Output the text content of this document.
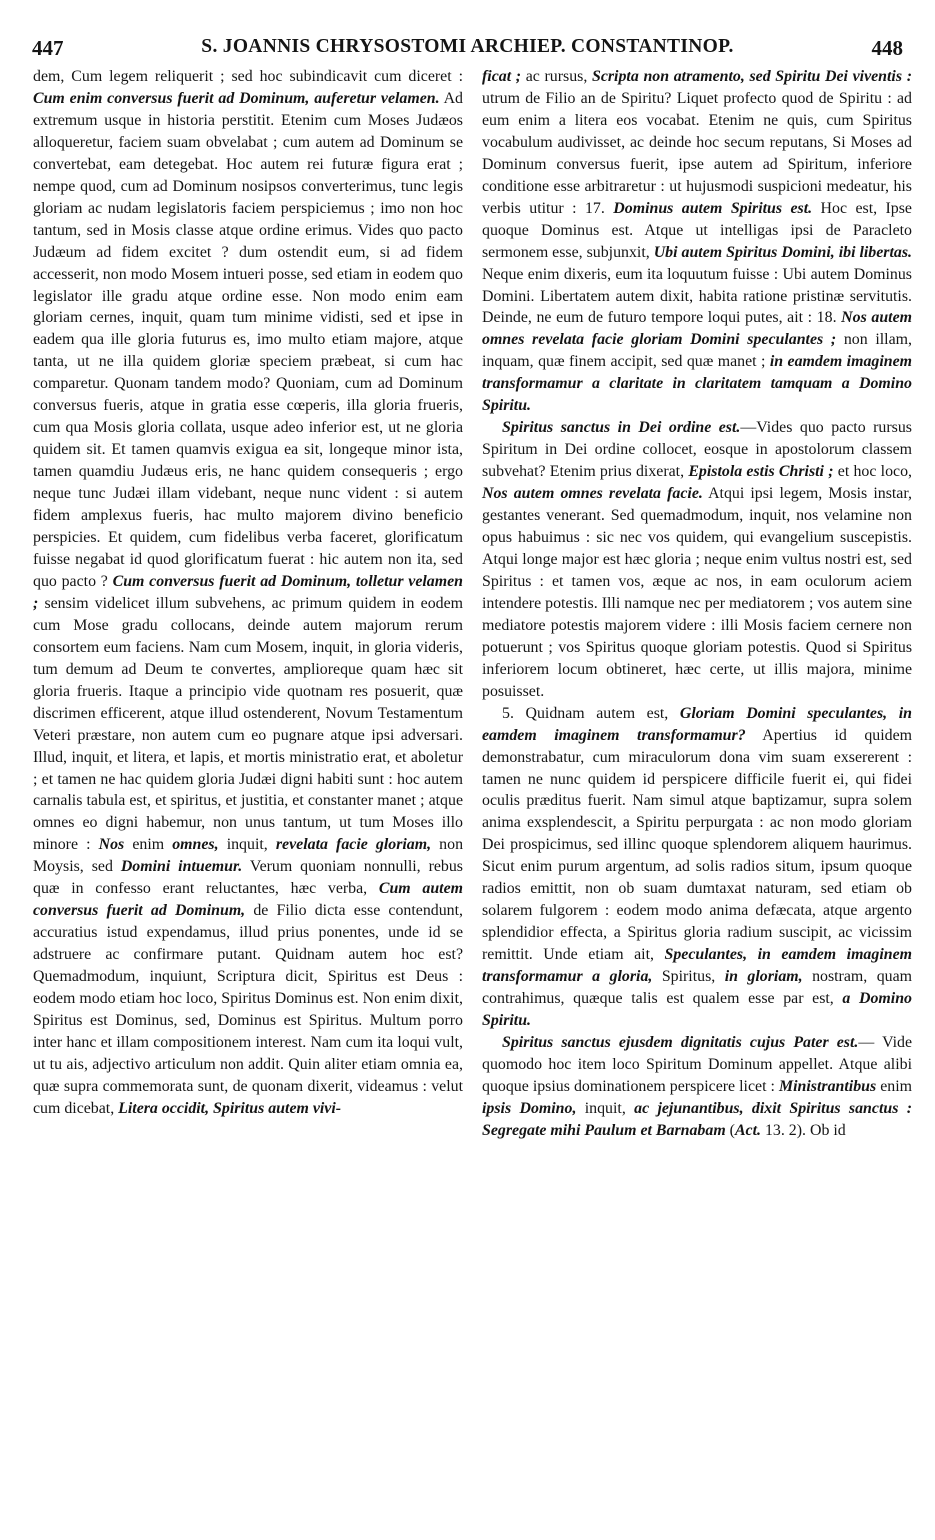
447	S. JOANNIS CHRYSOSTOMI ARCHIEP. CONSTANTINOP.	448

dem, Cum legem reliquerit ; sed hoc subindicavit cum diceret : Cum enim conversus fuerit ad Dominum, auferetur velamen. Ad extremum usque in historia perstitit. Etenim cum Moses Judæos alloqueretur, faciem suam obvelabat ; cum autem ad Dominum se convertebat, eam detegebat. Hoc autem rei futuræ figura erat ; nempe quod, cum ad Dominum nosipsos converterimus, tunc legis gloriam ac nudam legislatoris faciem perspiciemus ; imo non hoc tantum, sed in Mosis classe atque ordine erimus. Vides quo pacto Judæum ad fidem excitet ? dum ostendit eum, si ad fidem accesserit, non modo Mosem intueri posse, sed etiam in eodem quo legislator ille gradu atque ordine esse. Non modo enim eam gloriam cernes, inquit, quam tum minime vidisti, sed et ipse in eadem qua ille gloria futurus es, imo multo etiam majore, atque tanta, ut ne illa quidem gloriæ speciem præbeat, si cum hac comparetur. Quonam tandem modo? Quoniam, cum ad Dominum conversus fueris, atque in gratia esse cœperis, illa gloria frueris, cum qua Mosis gloria collata, usque adeo inferior est, ut ne gloria quidem sit. Et tamen quamvis exigua ea sit, longeque minor ista, tamen quamdiu Judæus eris, ne hanc quidem consequeris ; ergo neque tunc Judæi illam videbant, neque nunc vident : si autem fidem amplexus fueris, hac multo majorem divino beneficio perspicies. Et quidem, cum fidelibus verba faceret, glorificatum fuisse negabat id quod glorificatum fuerat : hic autem non ita, sed quo pacto ? Cum conversus fuerit ad Dominum, tolletur velamen ; sensim videlicet illum subvehens, ac primum quidem in eodem cum Mose gradu collocans, deinde autem majorum rerum consortem eum faciens. Nam cum Mosem, inquit, in gloria videris, tum demum ad Deum te convertes, amplioreque quam hæc sit gloria frueris. Itaque a principio vide quotnam res posuerit, quæ discrimen efficerent, atque illud ostenderent, Novum Testamentum Veteri præstare, non autem cum eo pugnare atque ipsi adversari. Illud, inquit, et litera, et lapis, et mortis ministratio erat, et aboletur ; et tamen ne hac quidem gloria Judæi digni habiti sunt : hoc autem carnalis tabula est, et spiritus, et justitia, et constanter manet ; atque omnes eo digni habemur, non unus tantum, ut tum Moses illo minore : Nos enim omnes, inquit, revelata facie gloriam, non Moysis, sed Domini intuemur. Verum quoniam nonnulli, rebus quæ in confesso erant reluctantes, hæc verba, Cum autem conversus fuerit ad Dominum, de Filio dicta esse contendunt, accuratius istud expendamus, illud prius ponentes, unde id se adstruere ac confirmare putant. Quidnam autem hoc est? Quemadmodum, inquiunt, Scriptura dicit, Spiritus est Deus : eodem modo etiam hoc loco, Spiritus Dominus est. Non enim dixit, Spiritus est Dominus, sed, Dominus est Spiritus. Multum porro inter hanc et illam compositionem interest. Nam cum ita loqui vult, ut tu ais, adjectivo articulum non addit. Quin aliter etiam omnia ea, quæ supra commemorata sunt, de quonam dixerit, videamus : velut cum dicebat, Litera occidit, Spiritus autem vivi-

ficat ; ac rursus, Scripta non atramento, sed Spiritu Dei viventis : utrum de Filio an de Spiritu? Liquet profecto quod de Spiritu : ad eum enim a litera eos vocabat. Etenim ne quis, cum Spiritus vocabulum audivisset, ac deinde hoc secum reputans, Si Moses ad Dominum conversus fuerit, ipse autem ad Spiritum, inferiore conditione esse arbitraretur : ut hujusmodi suspicioni medeatur, his verbis utitur : 17. Dominus autem Spiritus est. Hoc est, Ipse quoque Dominus est. Atque ut intelligas ipsi de Paracleto sermonem esse, subjunxit, Ubi autem Spiritus Domini, ibi libertas. Neque enim dixeris, eum ita loquutum fuisse : Ubi autem Dominus Domini. Libertatem autem dixit, habita ratione pristinæ servitutis. Deinde, ne eum de futuro tempore loqui putes, ait : 18. Nos autem omnes revelata facie gloriam Domini speculantes ; non illam, inquam, quæ finem accipit, sed quæ manet ; in eamdem imaginem transformamur a claritate in claritatem tamquam a Domino Spiritu.

Spiritus sanctus in Dei ordine est.—Vides quo pacto rursus Spiritum in Dei ordine collocet, eosque in apostolorum classem subvehat? Etenim prius dixerat, Epistola estis Christi ; et hoc loco, Nos autem omnes revelata facie. Atqui ipsi legem, Mosis instar, gestantes venerant. Sed quemadmodum, inquit, nos velamine non opus habuimus : sic nec vos quidem, qui evangelium suscepistis. Atqui longe major est hæc gloria ; neque enim vultus nostri est, sed Spiritus : et tamen vos, æque ac nos, in eam oculorum aciem intendere potestis. Illi namque nec per mediatorem ; vos autem sine mediatore potestis majorem videre : illi Mosis faciem cernere non potuerunt ; vos Spiritus quoque gloriam potestis. Quod si Spiritus inferiorem locum obtineret, hæc certe, ut illis majora, minime posuisset.

5. Quidnam autem est, Gloriam Domini speculantes, in eamdem imaginem transformamur? Apertius id quidem demonstrabatur, cum miraculorum dona vim suam exsererent : tamen ne nunc quidem id perspicere difficile fuerit ei, qui fidei oculis præditus fuerit. Nam simul atque baptizamur, supra solem anima exsplendescit, a Spiritu perpurgata : ac non modo gloriam Dei prospicimus, sed illinc quoque splendorem aliquem haurimus. Sicut enim purum argentum, ad solis radios situm, ipsum quoque radios emittit, non ob suam dumtaxat naturam, sed etiam ob solarem fulgorem : eodem modo anima defæcata, atque argento splendidior effecta, a Spiritus gloria radium suscipit, ac vicissim remittit. Unde etiam ait, Speculantes, in eamdem imaginem transformamur a gloria, Spiritus, in gloriam, nostram, quam contrahimus, quæque talis est qualem esse par est, a Domino Spiritu.

Spiritus sanctus ejusdem dignitatis cujus Pater est.— Vide quomodo hoc item loco Spiritum Dominum appellet. Atque alibi quoque ipsius dominationem perspicere licet : Ministrantibus enim ipsis Domino, inquit, ac jejunantibus, dixit Spiritus sanctus : Segregate mihi Paulum et Barnabam (Act. 13. 2). Ob id
